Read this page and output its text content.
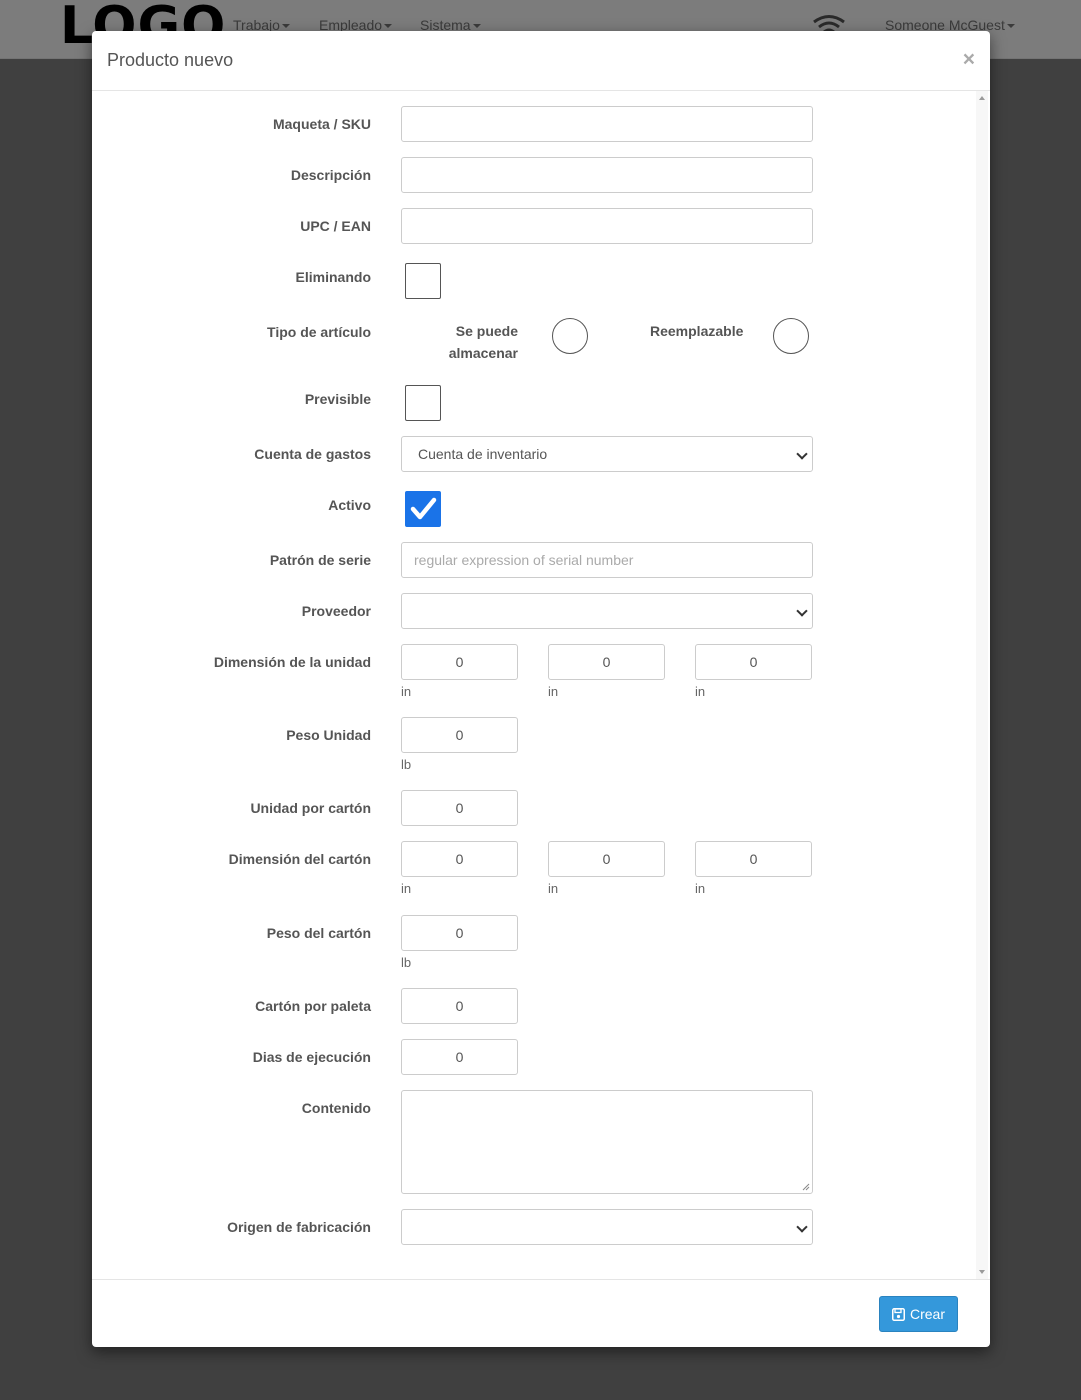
Producto nuevo	×
Maqueta / SKU
Descripción
UPC / EAN
Eliminando
Tipo de artículo	Se puede almacenar
Reemplazable
Previsible
Cuenta de gastos	Cuenta de inventario
Activo
Patrón de serie	regular expression of serial number
Proveedor
Dimensión de la unidad	0	0	0
in	in	in
Peso Unidad	0
lb
Unidad por cartón	0
Dimensión del cartón	0	0	0
in	in	in
Peso del cartón	0
lb
Cartón por paleta	0
Dias de ejecución	0
Contenido
Origen de fabricación
Crear
